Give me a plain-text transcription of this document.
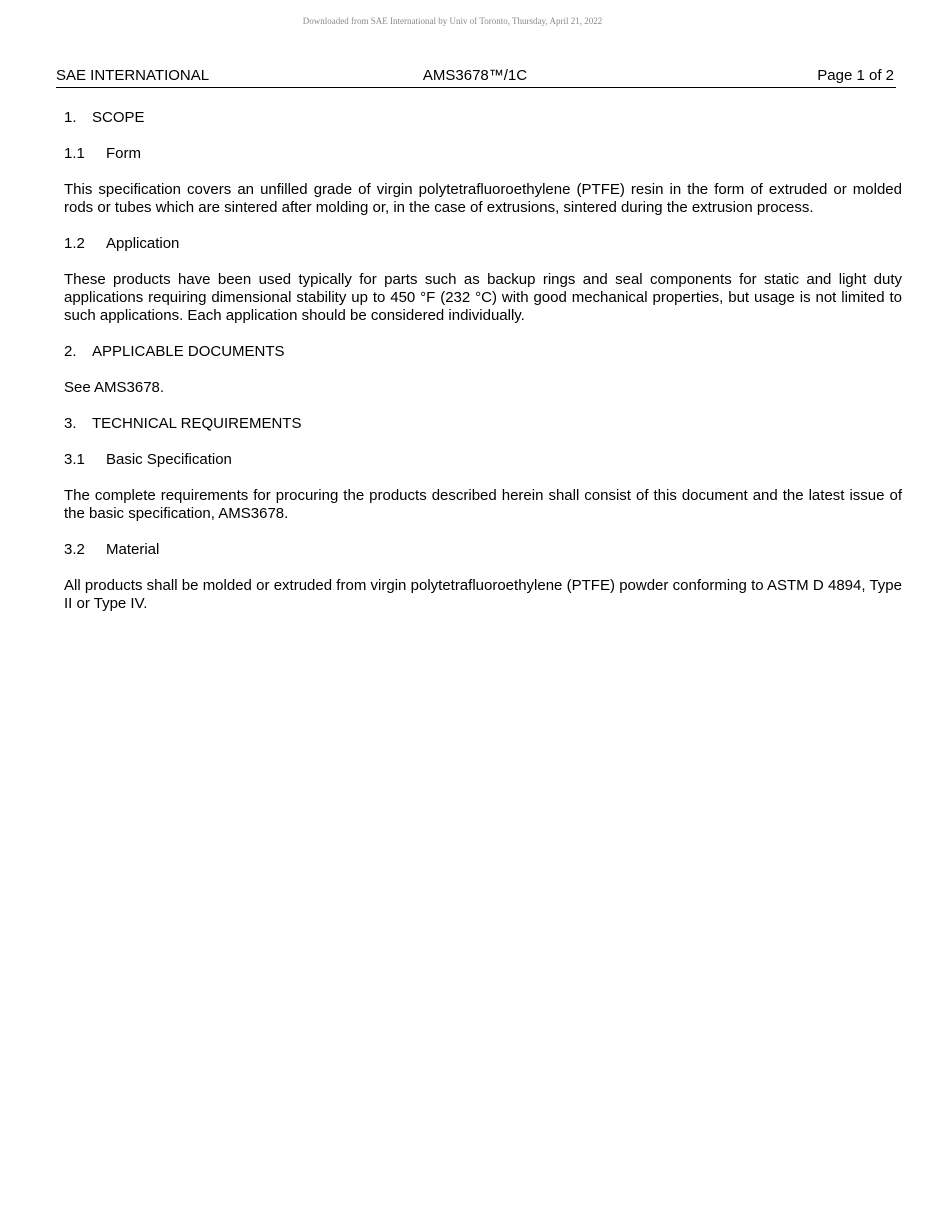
Downloaded from SAE International by Univ of Toronto, Thursday, April 21, 2022
SAE INTERNATIONAL	AMS3678™/1C	Page 1 of 2
1. SCOPE
1.1 Form
This specification covers an unfilled grade of virgin polytetrafluoroethylene (PTFE) resin in the form of extruded or molded rods or tubes which are sintered after molding or, in the case of extrusions, sintered during the extrusion process.
1.2 Application
These products have been used typically for parts such as backup rings and seal components for static and light duty applications requiring dimensional stability up to 450 °F (232 °C) with good mechanical properties, but usage is not limited to such applications. Each application should be considered individually.
2. APPLICABLE DOCUMENTS
See AMS3678.
3. TECHNICAL REQUIREMENTS
3.1 Basic Specification
The complete requirements for procuring the products described herein shall consist of this document and the latest issue of the basic specification, AMS3678.
3.2 Material
All products shall be molded or extruded from virgin polytetrafluoroethylene (PTFE) powder conforming to ASTM D 4894, Type II or Type IV.
